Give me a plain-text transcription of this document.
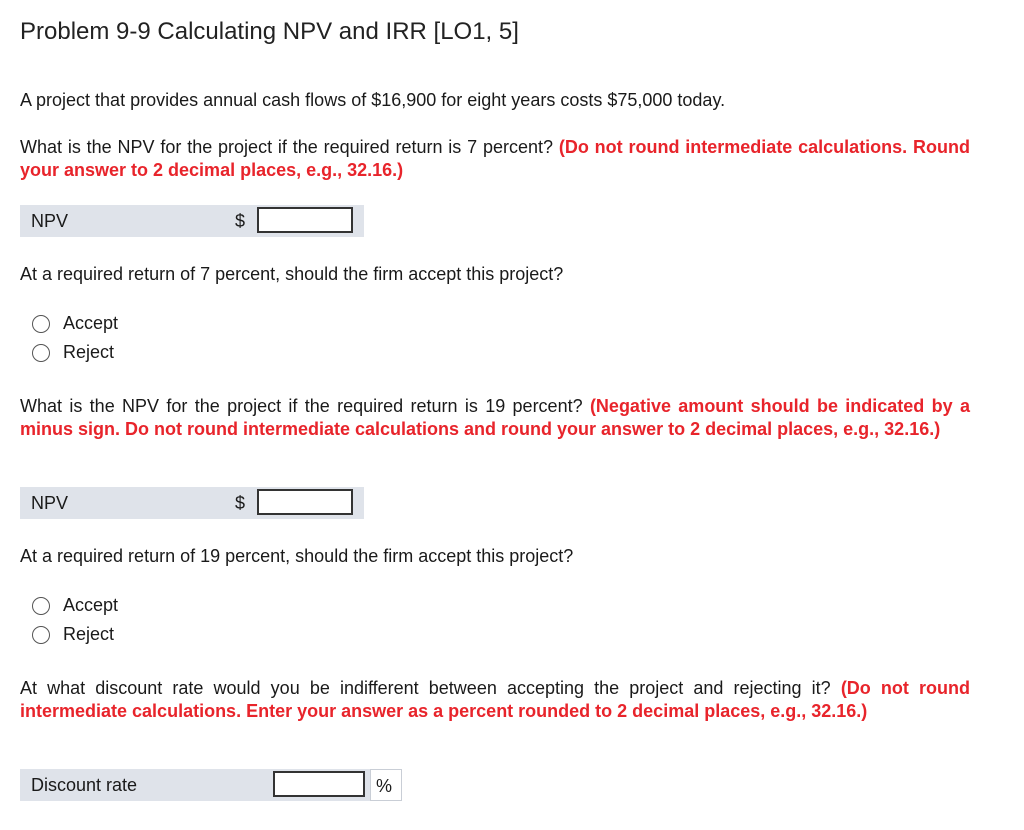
Problem 9-9 Calculating NPV and IRR [LO1, 5]

A project that provides annual cash flows of $16,900 for eight years costs $75,000 today.

What is the NPV for the project if the required return is 7 percent? (Do not round intermediate calculations. Round your answer to 2 decimal places, e.g., 32.16.)

NPV	$

At a required return of 7 percent, should the firm accept this project?

Accept
Reject

What is the NPV for the project if the required return is 19 percent? (Negative amount should be indicated by a minus sign. Do not round intermediate calculations and round your answer to 2 decimal places, e.g., 32.16.)

NPV	$

At a required return of 19 percent, should the firm accept this project?

Accept
Reject

At what discount rate would you be indifferent between accepting the project and rejecting it? (Do not round intermediate calculations. Enter your answer as a percent rounded to 2 decimal places, e.g., 32.16.)

Discount rate	%
